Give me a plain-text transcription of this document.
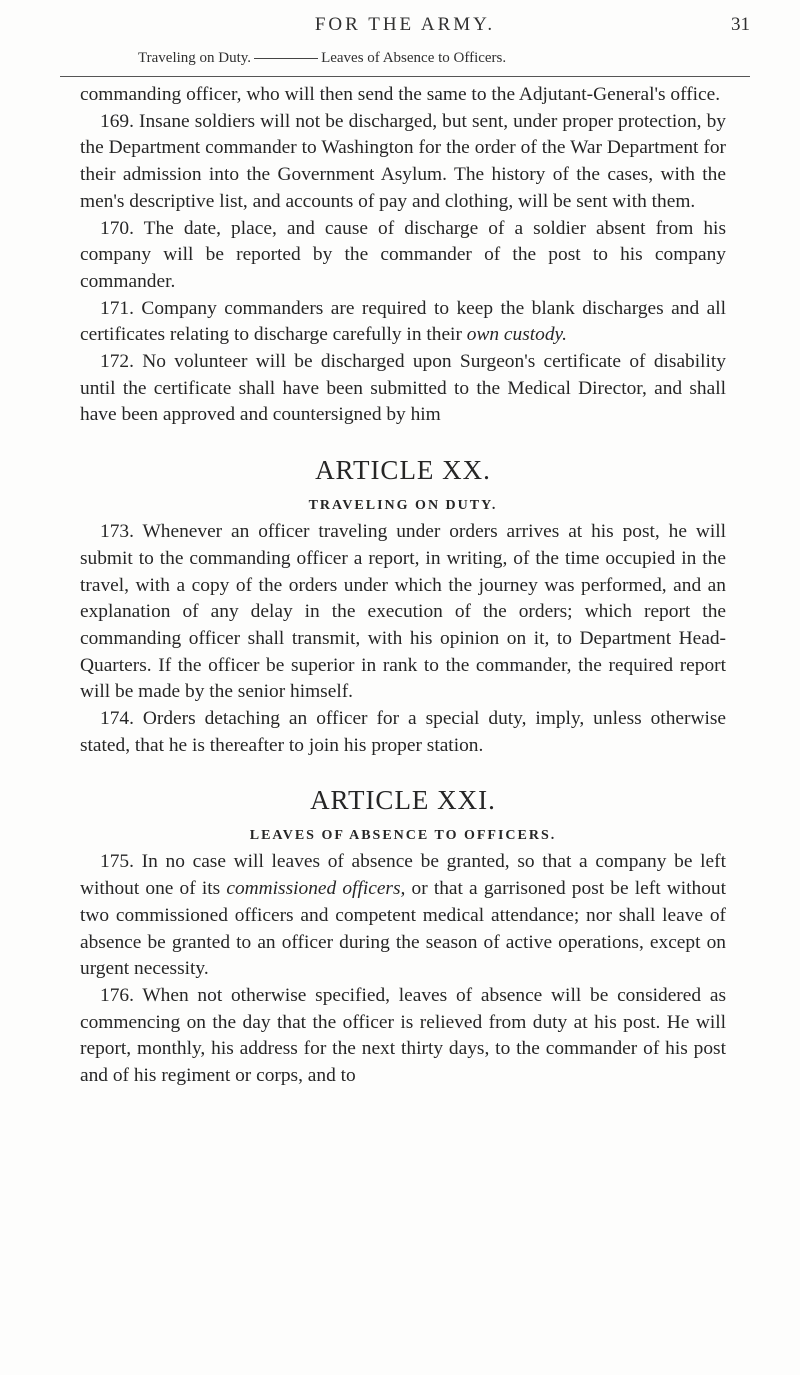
FOR THE ARMY.	31
Traveling on Duty.	Leaves of Absence to Officers.

commanding officer, who will then send the same to the Adjutant-General's office.

169. Insane soldiers will not be discharged, but sent, under proper protection, by the Department commander to Washington for the order of the War Department for their admission into the Government Asylum. The history of the cases, with the men's descriptive list, and accounts of pay and clothing, will be sent with them.

170. The date, place, and cause of discharge of a soldier absent from his company will be reported by the commander of the post to his company commander.

171. Company commanders are required to keep the blank discharges and all certificates relating to discharge carefully in their own custody.

172. No volunteer will be discharged upon Surgeon's certificate of disability until the certificate shall have been submitted to the Medical Director, and shall have been approved and countersigned by him

ARTICLE XX.
TRAVELING ON DUTY.

173. Whenever an officer traveling under orders arrives at his post, he will submit to the commanding officer a report, in writing, of the time occupied in the travel, with a copy of the orders under which the journey was performed, and an explanation of any delay in the execution of the orders; which report the commanding officer shall transmit, with his opinion on it, to Department Head-Quarters. If the officer be superior in rank to the commander, the required report will be made by the senior himself.

174. Orders detaching an officer for a special duty, imply, unless otherwise stated, that he is thereafter to join his proper station.

ARTICLE XXI.
LEAVES OF ABSENCE TO OFFICERS.

175. In no case will leaves of absence be granted, so that a company be left without one of its commissioned officers, or that a garrisoned post be left without two commissioned officers and competent medical attendance; nor shall leave of absence be granted to an officer during the season of active operations, except on urgent necessity.

176. When not otherwise specified, leaves of absence will be considered as commencing on the day that the officer is relieved from duty at his post. He will report, monthly, his address for the next thirty days, to the commander of his post and of his regiment or corps, and to
